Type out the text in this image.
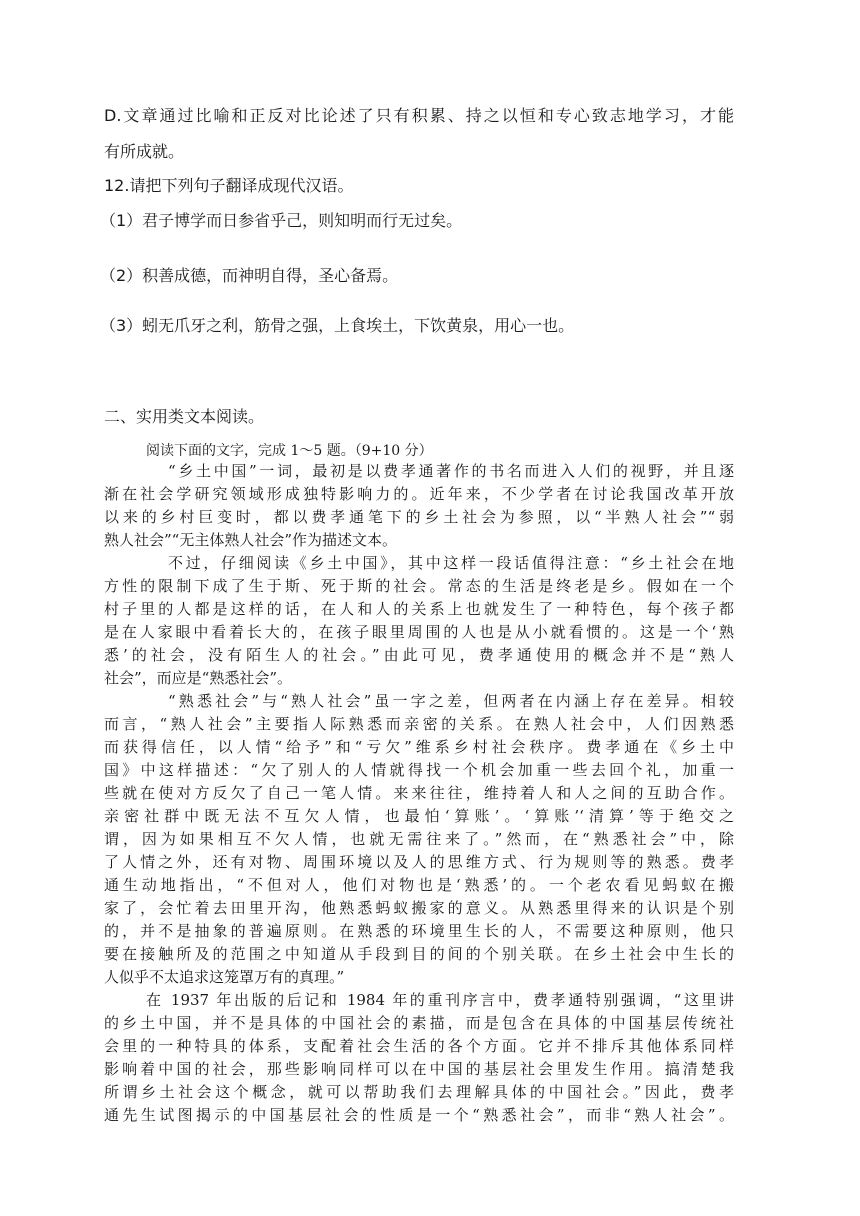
D.文章通过比喻和正反对比论述了只有积累、持之以恒和专心致志地学习，才能
有所成就。
12.请把下列句子翻译成现代汉语。
（1）君子博学而日参省乎己，则知明而行无过矣。
（2）积善成德，而神明自得，圣心备焉。
（3）蚓无爪牙之利，筋骨之强，上食埃土，下饮黄泉，用心一也。
二、实用类文本阅读。
阅读下面的文字，完成 1～5 题。（9+10 分）
“乡土中国”一词，最初是以费孝通著作的书名而进入人们的视野，并且逐
渐在社会学研究领域形成独特影响力的。近年来，不少学者在讨论我国改革开放
以来的乡村巨变时，都以费孝通笔下的乡土社会为参照，以“半熟人社会”“弱
熟人社会”“无主体熟人社会”作为描述文本。
不过，仔细阅读《乡土中国》，其中这样一段话值得注意：“乡土社会在地
方性的限制下成了生于斯、死于斯的社会。常态的生活是终老是乡。假如在一个
村子里的人都是这样的话，在人和人的关系上也就发生了一种特色，每个孩子都
是在人家眼中看着长大的，在孩子眼里周围的人也是从小就看惯的。这是一个‘熟
悉’的社会，没有陌生人的社会。”由此可见，费孝通使用的概念并不是“熟人
社会”，而应是“熟悉社会”。
“熟悉社会”与“熟人社会”虽一字之差，但两者在内涵上存在差异。相较
而言，“熟人社会”主要指人际熟悉而亲密的关系。在熟人社会中，人们因熟悉
而获得信任，以人情“给予”和“亏欠”维系乡村社会秩序。费孝通在《乡土中
国》中这样描述：“欠了别人的人情就得找一个机会加重一些去回个礼，加重一
些就在使对方反欠了自己一笔人情。来来往往，维持着人和人之间的互助合作。
亲密社群中既无法不互欠人情，也最怕‘算账’。‘算账’‘清算’等于绝交之
谓，因为如果相互不欠人情，也就无需往来了。”然而，在“熟悉社会”中，除
了人情之外，还有对物、周围环境以及人的思维方式、行为规则等的熟悉。费孝
通生动地指出，“不但对人，他们对物也是‘熟悉’的。一个老农看见蚂蚁在搬
家了，会忙着去田里开沟，他熟悉蚂蚁搬家的意义。从熟悉里得来的认识是个别
的，并不是抽象的普遍原则。在熟悉的环境里生长的人，不需要这种原则，他只
要在接触所及的范围之中知道从手段到目的间的个别关联。在乡土社会中生长的
人似乎不太追求这笼罩万有的真理。”
在 1937 年出版的后记和 1984 年的重刊序言中，费孝通特别强调，“这里讲
的乡土中国，并不是具体的中国社会的素描，而是包含在具体的中国基层传统社
会里的一种特具的体系，支配着社会生活的各个方面。它并不排斥其他体系同样
影响着中国的社会，那些影响同样可以在中国的基层社会里发生作用。搞清楚我
所谓乡土社会这个概念，就可以帮助我们去理解具体的中国社会。”因此，费孝
通先生试图揭示的中国基层社会的性质是一个“熟悉社会”，而非“熟人社会”。
